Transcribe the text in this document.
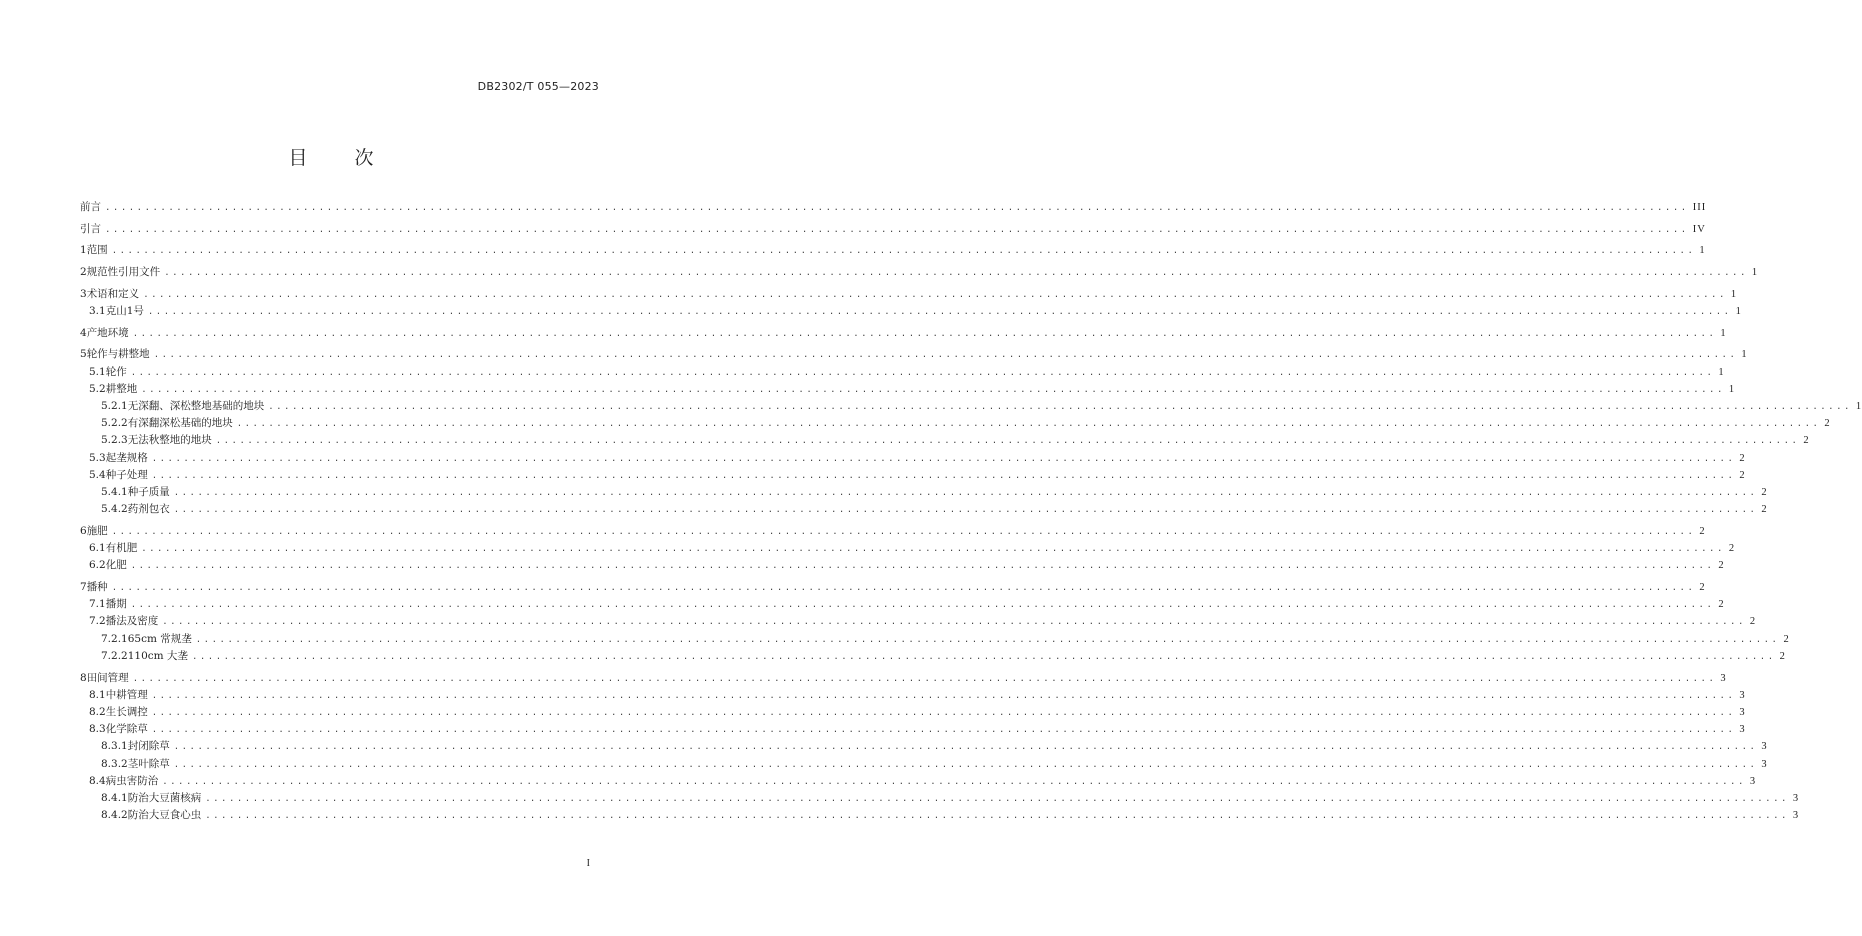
DB2302/T 055—2023
目　次
前言 ........................................................................................................................................................................................................ III
引言 ........................................................................................................................................................................................................ IV
1 范围 ........................................................................................................................................................................................................ 1
2 规范性引用文件 ........................................................................................................................................................................................................ 1
3 术语和定义 ........................................................................................................................................................................................................ 1
3.1 克山1号 ........................................................................................................................................................................................................ 1
4 产地环境 ........................................................................................................................................................................................................ 1
5 轮作与耕整地 ........................................................................................................................................................................................................ 1
5.1 轮作 ........................................................................................................................................................................................................ 1
5.2 耕整地 ........................................................................................................................................................................................................ 1
5.2.1 无深翻、深松整地基础的地块 ........................................................................................................................................................................................................ 1
5.2.2 有深翻深松基础的地块 ........................................................................................................................................................................................................ 2
5.2.3 无法秋整地的地块 ........................................................................................................................................................................................................ 2
5.3 起垄规格 ........................................................................................................................................................................................................ 2
5.4 种子处理 ........................................................................................................................................................................................................ 2
5.4.1 种子质量 ........................................................................................................................................................................................................ 2
5.4.2 药剂包衣 ........................................................................................................................................................................................................ 2
6 施肥 ........................................................................................................................................................................................................ 2
6.1 有机肥 ........................................................................................................................................................................................................ 2
6.2 化肥 ........................................................................................................................................................................................................ 2
7 播种 ........................................................................................................................................................................................................ 2
7.1 播期 ........................................................................................................................................................................................................ 2
7.2 播法及密度 ........................................................................................................................................................................................................ 2
7.2.1 65cm 常规垄 ........................................................................................................................................................................................................ 2
7.2.2 110cm 大垄 ........................................................................................................................................................................................................ 2
8 田间管理 ........................................................................................................................................................................................................ 3
8.1 中耕管理 ........................................................................................................................................................................................................ 3
8.2 生长调控 ........................................................................................................................................................................................................ 3
8.3 化学除草 ........................................................................................................................................................................................................ 3
8.3.1 封闭除草 ........................................................................................................................................................................................................ 3
8.3.2 茎叶除草 ........................................................................................................................................................................................................ 3
8.4 病虫害防治 ........................................................................................................................................................................................................ 3
8.4.1 防治大豆菌核病 ........................................................................................................................................................................................................ 3
8.4.2 防治大豆食心虫 ........................................................................................................................................................................................................ 3
I
